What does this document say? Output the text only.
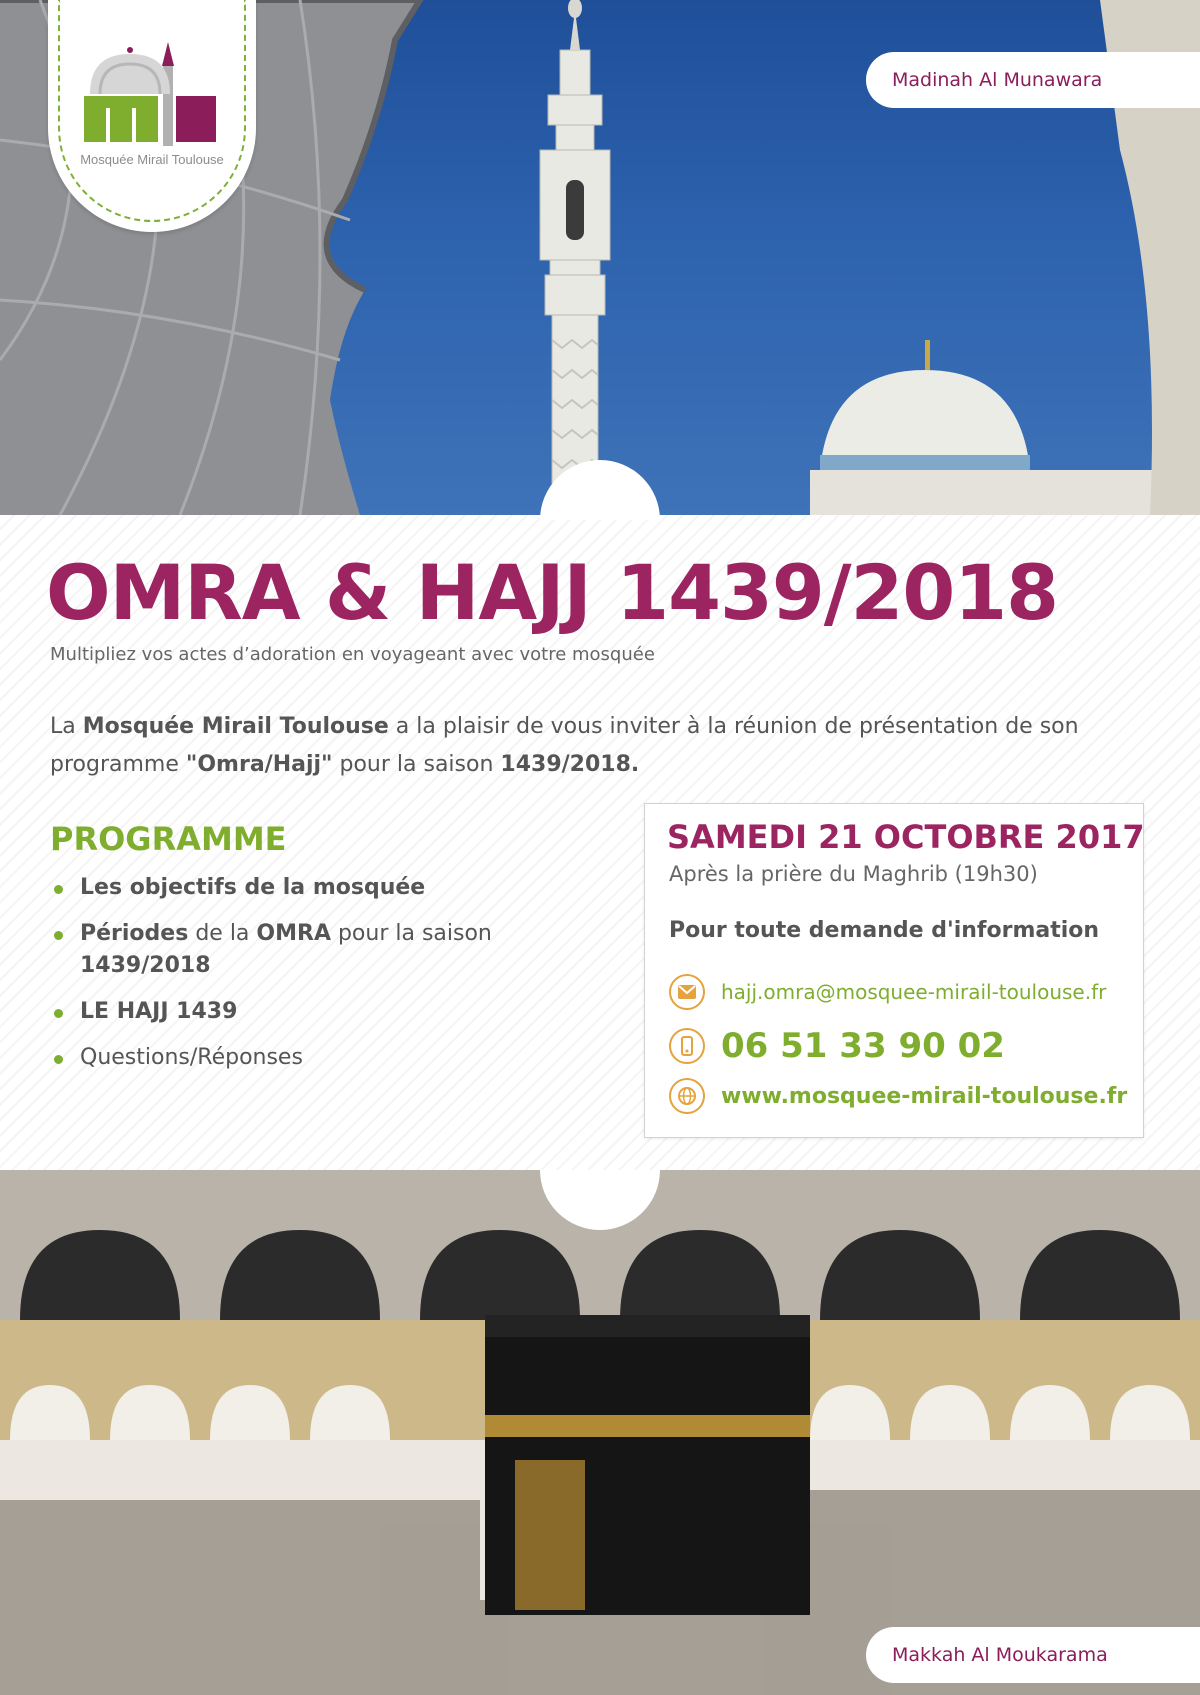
Mosquée Mirail Toulouse
Madinah Al Munawara
Makkah Al Moukarama
OMRA & HAJJ 1439/2018
Multipliez vos actes d’adoration en voyageant avec votre mosquée
La Mosquée Mirail Toulouse a la plaisir de vous inviter à la réunion de présentation de son programme "Omra/Hajj" pour la saison 1439/2018.
PROGRAMME
Les objectifs de la mosquée
Périodes de la OMRA pour la saison
1439/2018
LE HAJJ 1439
Questions/Réponses
SAMEDI 21 OCTOBRE 2017
Après la prière du Maghrib (19h30)
Pour toute demande d'information
hajj.omra@mosquee-mirail-toulouse.fr
06 51 33 90 02
www.mosquee-mirail-toulouse.fr
